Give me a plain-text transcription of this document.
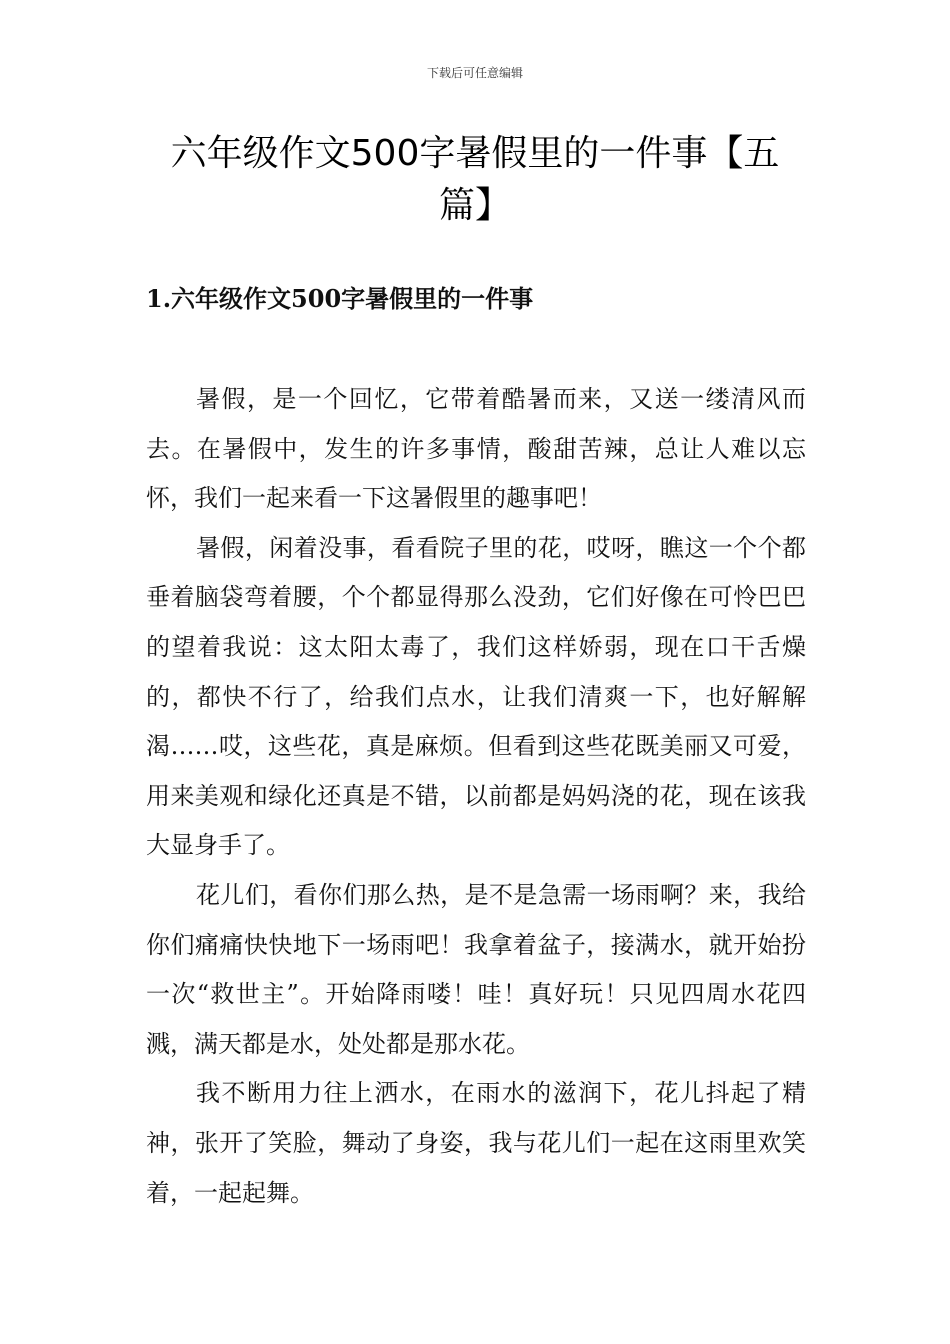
下载后可任意编辑
六年级作文500字暑假里的一件事【五篇】
1.六年级作文500字暑假里的一件事

暑假，是一个回忆，它带着酷暑而来，又送一缕清风而去。在暑假中，发生的许多事情，酸甜苦辣，总让人难以忘怀，我们一起来看一下这暑假里的趣事吧！

暑假，闲着没事，看看院子里的花，哎呀，瞧这一个个都垂着脑袋弯着腰，个个都显得那么没劲，它们好像在可怜巴巴的望着我说：这太阳太毒了，我们这样娇弱，现在口干舌燥的，都快不行了，给我们点水，让我们清爽一下，也好解解渴……哎，这些花，真是麻烦。但看到这些花既美丽又可爱，用来美观和绿化还真是不错，以前都是妈妈浇的花，现在该我大显身手了。

花儿们，看你们那么热，是不是急需一场雨啊？来，我给你们痛痛快快地下一场雨吧！我拿着盆子，接满水，就开始扮一次“救世主”。开始降雨喽！哇！真好玩！只见四周水花四溅，满天都是水，处处都是那水花。

我不断用力往上洒水，在雨水的滋润下，花儿抖起了精神，张开了笑脸，舞动了身姿，我与花儿们一起在这雨里欢笑着，一起起舞。
